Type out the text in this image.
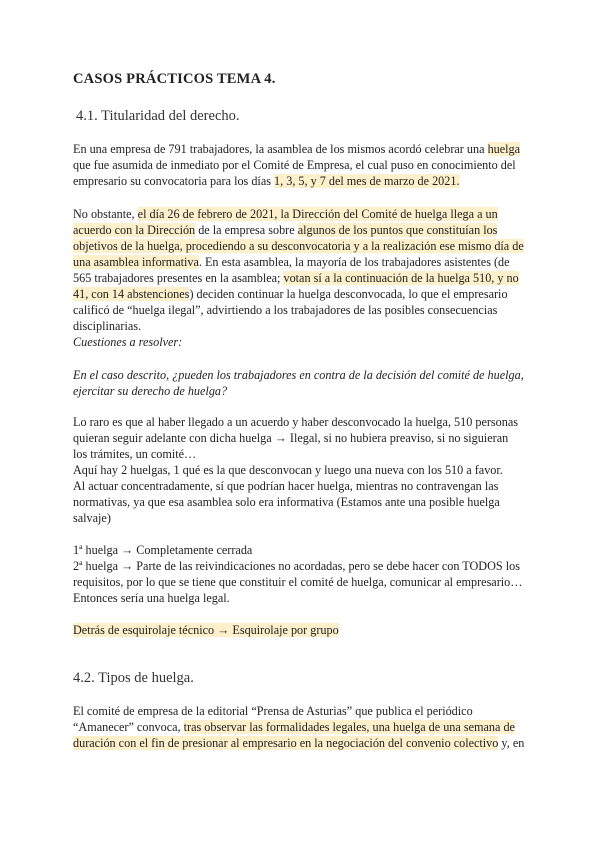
CASOS PRÁCTICOS TEMA 4.
4.1. Titularidad del derecho.

En una empresa de 791 trabajadores, la asamblea de los mismos acordó celebrar una huelga que fue asumida de inmediato por el Comité de Empresa, el cual puso en conocimiento del empresario su convocatoria para los días 1, 3, 5, y 7 del mes de marzo de 2021.

No obstante, el día 26 de febrero de 2021, la Dirección del Comité de huelga llega a un acuerdo con la Dirección de la empresa sobre algunos de los puntos que constituían los objetivos de la huelga, procediendo a su desconvocatoria y a la realización ese mismo día de una asamblea informativa. En esta asamblea, la mayoría de los trabajadores asistentes (de 565 trabajadores presentes en la asamblea; votan sí a la continuación de la huelga 510, y no 41, con 14 abstenciones) deciden continuar la huelga desconvocada, lo que el empresario calificó de “huelga ilegal”, advirtiendo a los trabajadores de las posibles consecuencias disciplinarias.

Cuestiones a resolver:

En el caso descrito, ¿pueden los trabajadores en contra de la decisión del comité de huelga, ejercitar su derecho de huelga?

Lo raro es que al haber llegado a un acuerdo y haber desconvocado la huelga, 510 personas quieran seguir adelante con dicha huelga → Ilegal, si no hubiera preaviso, si no siguieran los trámites, un comité…

Aquí hay 2 huelgas, 1 qué es la que desconvocan y luego una nueva con los 510 a favor.

Al actuar concentradamente, sí que podrían hacer huelga, mientras no contravengan las normativas, ya que esa asamblea solo era informativa (Estamos ante una posible huelga salvaje)

1ª huelga → Completamente cerrada

2ª huelga → Parte de las reivindicaciones no acordadas, pero se debe hacer con TODOS los requisitos, por lo que se tiene que constituir el comité de huelga, comunicar al empresario… Entonces sería una huelga legal.

Detrás de esquirolaje técnico → Esquirolaje por grupo

4.2. Tipos de huelga.

El comité de empresa de la editorial “Prensa de Asturias” que publica el periódico “Amanecer” convoca, tras observar las formalidades legales, una huelga de una semana de duración con el fin de presionar al empresario en la negociación del convenio colectivo y, en
